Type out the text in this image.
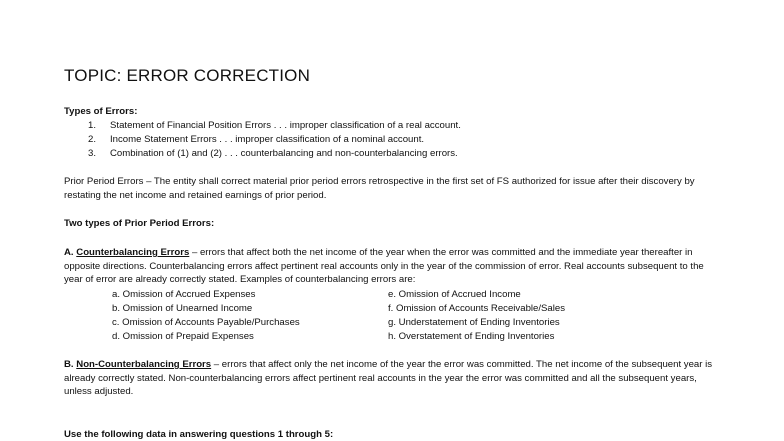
TOPIC: ERROR CORRECTION
Types of Errors:
1. Statement of Financial Position Errors . . . improper classification of a real account.
2. Income Statement Errors . . . improper classification of a nominal account.
3. Combination of (1) and (2) . . . counterbalancing and non-counterbalancing errors.
Prior Period Errors – The entity shall correct material prior period errors retrospective in the first set of FS authorized for issue after their discovery by restating the net income and retained earnings of prior period.
Two types of Prior Period Errors:
A. Counterbalancing Errors – errors that affect both the net income of the year when the error was committed and the immediate year thereafter in opposite directions. Counterbalancing errors affect pertinent real accounts only in the year of the commission of error. Real accounts subsequent to the year of error are already correctly stated. Examples of counterbalancing errors are:
a. Omission of Accrued Expenses
b. Omission of Unearned Income
c. Omission of Accounts Payable/Purchases
d. Omission of Prepaid Expenses
e. Omission of Accrued Income
f. Omission of Accounts Receivable/Sales
g. Understatement of Ending Inventories
h. Overstatement of Ending Inventories
B. Non-Counterbalancing Errors – errors that affect only the net income of the year the error was committed. The net income of the subsequent year is already correctly stated. Non-counterbalancing errors affect pertinent real accounts in the year the error was committed and all the subsequent years, unless adjusted.
Use the following data in answering questions 1 through 5:
